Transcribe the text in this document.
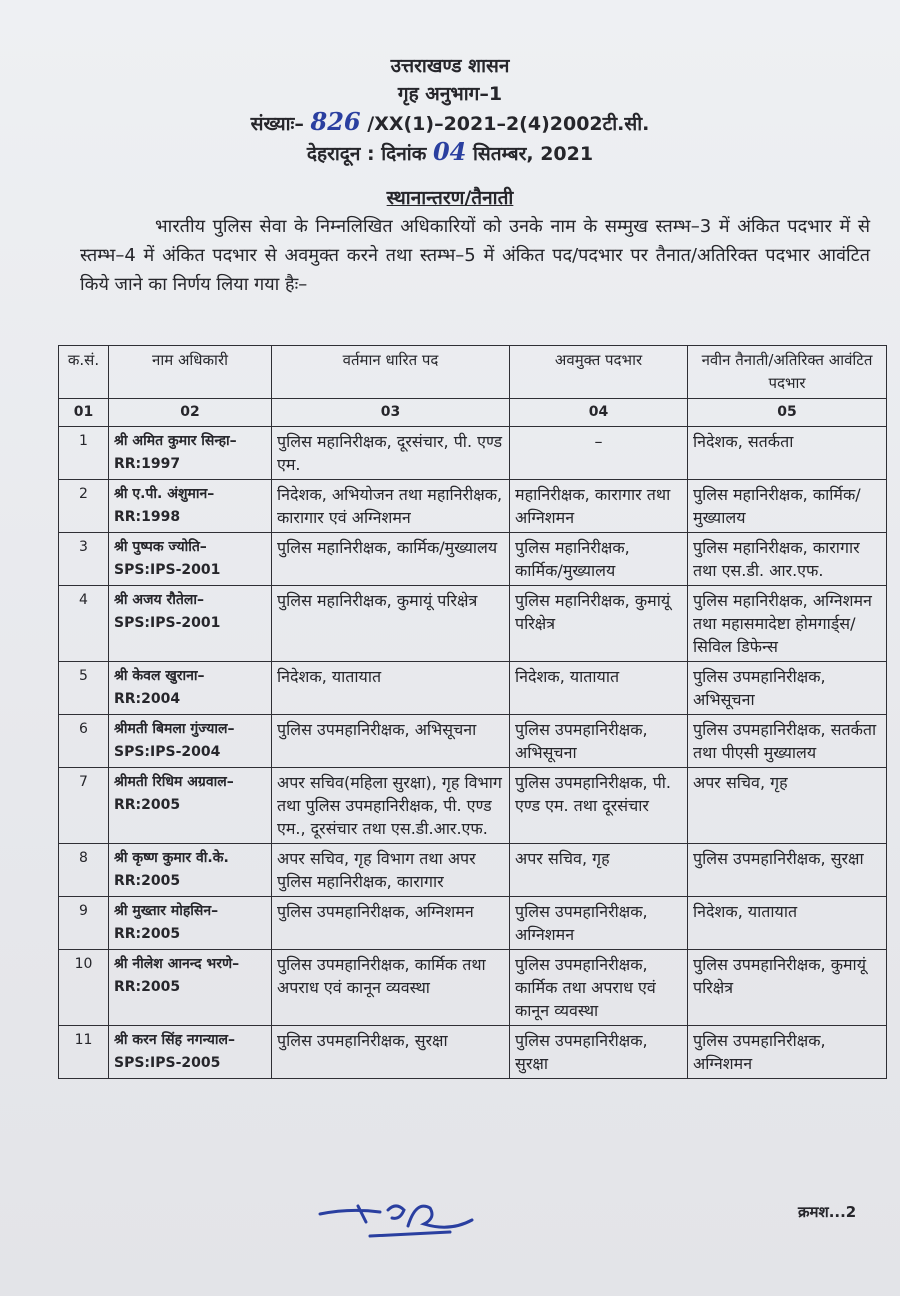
उत्तराखण्ड शासन
गृह अनुभाग–1
संख्याः– 826 /XX(1)–2021–2(4)2002टी.सी.
देहरादून : दिनांक 04 सितम्बर, 2021
स्थानान्तरण/तैनाती
भारतीय पुलिस सेवा के निम्नलिखित अधिकारियों को उनके नाम के सम्मुख स्तम्भ–3 में अंकित पदभार में से स्तम्भ–4 में अंकित पदभार से अवमुक्त करने तथा स्तम्भ–5 में अंकित पद/पदभार पर तैनात/अतिरिक्त पदभार आवंटित किये जाने का निर्णय लिया गया हैः–
क.सं.	नाम अधिकारी	वर्तमान धारित पद	अवमुक्त पदभार	नवीन तैनाती/अतिरिक्त आवंटित पदभार
01	02	03	04	05
1	श्री अमित कुमार सिन्हा– RR:1997	पुलिस महानिरीक्षक, दूरसंचार, पी. एण्ड एम.	–	निदेशक, सतर्कता
2	श्री ए.पी. अंशुमान– RR:1998	निदेशक, अभियोजन तथा महानिरीक्षक, कारागार एवं अग्निशमन	महानिरीक्षक, कारागार तथा अग्निशमन	पुलिस महानिरीक्षक, कार्मिक/मुख्यालय
3	श्री पुष्पक ज्योति– SPS:IPS-2001	पुलिस महानिरीक्षक, कार्मिक/मुख्यालय	पुलिस महानिरीक्षक, कार्मिक/मुख्यालय	पुलिस महानिरीक्षक, कारागार तथा एस.डी. आर.एफ.
4	श्री अजय रौतेला– SPS:IPS-2001	पुलिस महानिरीक्षक, कुमायूं परिक्षेत्र	पुलिस महानिरीक्षक, कुमायूं परिक्षेत्र	पुलिस महानिरीक्षक, अग्निशमन तथा महासमादेष्टा होमगार्ड्स/सिविल डिफेन्स
5	श्री केवल खुराना– RR:2004	निदेशक, यातायात	निदेशक, यातायात	पुलिस उपमहानिरीक्षक, अभिसूचना
6	श्रीमती बिमला गुंज्याल– SPS:IPS-2004	पुलिस उपमहानिरीक्षक, अभिसूचना	पुलिस उपमहानिरीक्षक, अभिसूचना	पुलिस उपमहानिरीक्षक, सतर्कता तथा पीएसी मुख्यालय
7	श्रीमती रिधिम अग्रवाल– RR:2005	अपर सचिव(महिला सुरक्षा), गृह विभाग तथा पुलिस उपमहानिरीक्षक, पी. एण्ड एम., दूरसंचार तथा एस.डी.आर.एफ.	पुलिस उपमहानिरीक्षक, पी. एण्ड एम. तथा दूरसंचार	अपर सचिव, गृह
8	श्री कृष्ण कुमार वी.के. RR:2005	अपर सचिव, गृह विभाग तथा अपर पुलिस महानिरीक्षक, कारागार	अपर सचिव, गृह	पुलिस उपमहानिरीक्षक, सुरक्षा
9	श्री मुख्तार मोहसिन– RR:2005	पुलिस उपमहानिरीक्षक, अग्निशमन	पुलिस उपमहानिरीक्षक, अग्निशमन	निदेशक, यातायात
10	श्री नीलेश आनन्द भरणे– RR:2005	पुलिस उपमहानिरीक्षक, कार्मिक तथा अपराध एवं कानून व्यवस्था	पुलिस उपमहानिरीक्षक, कार्मिक तथा अपराध एवं कानून व्यवस्था	पुलिस उपमहानिरीक्षक, कुमायूं परिक्षेत्र
11	श्री करन सिंह नगन्याल– SPS:IPS-2005	पुलिस उपमहानिरीक्षक, सुरक्षा	पुलिस उपमहानिरीक्षक, सुरक्षा	पुलिस उपमहानिरीक्षक, अग्निशमन
क्रमश...2
